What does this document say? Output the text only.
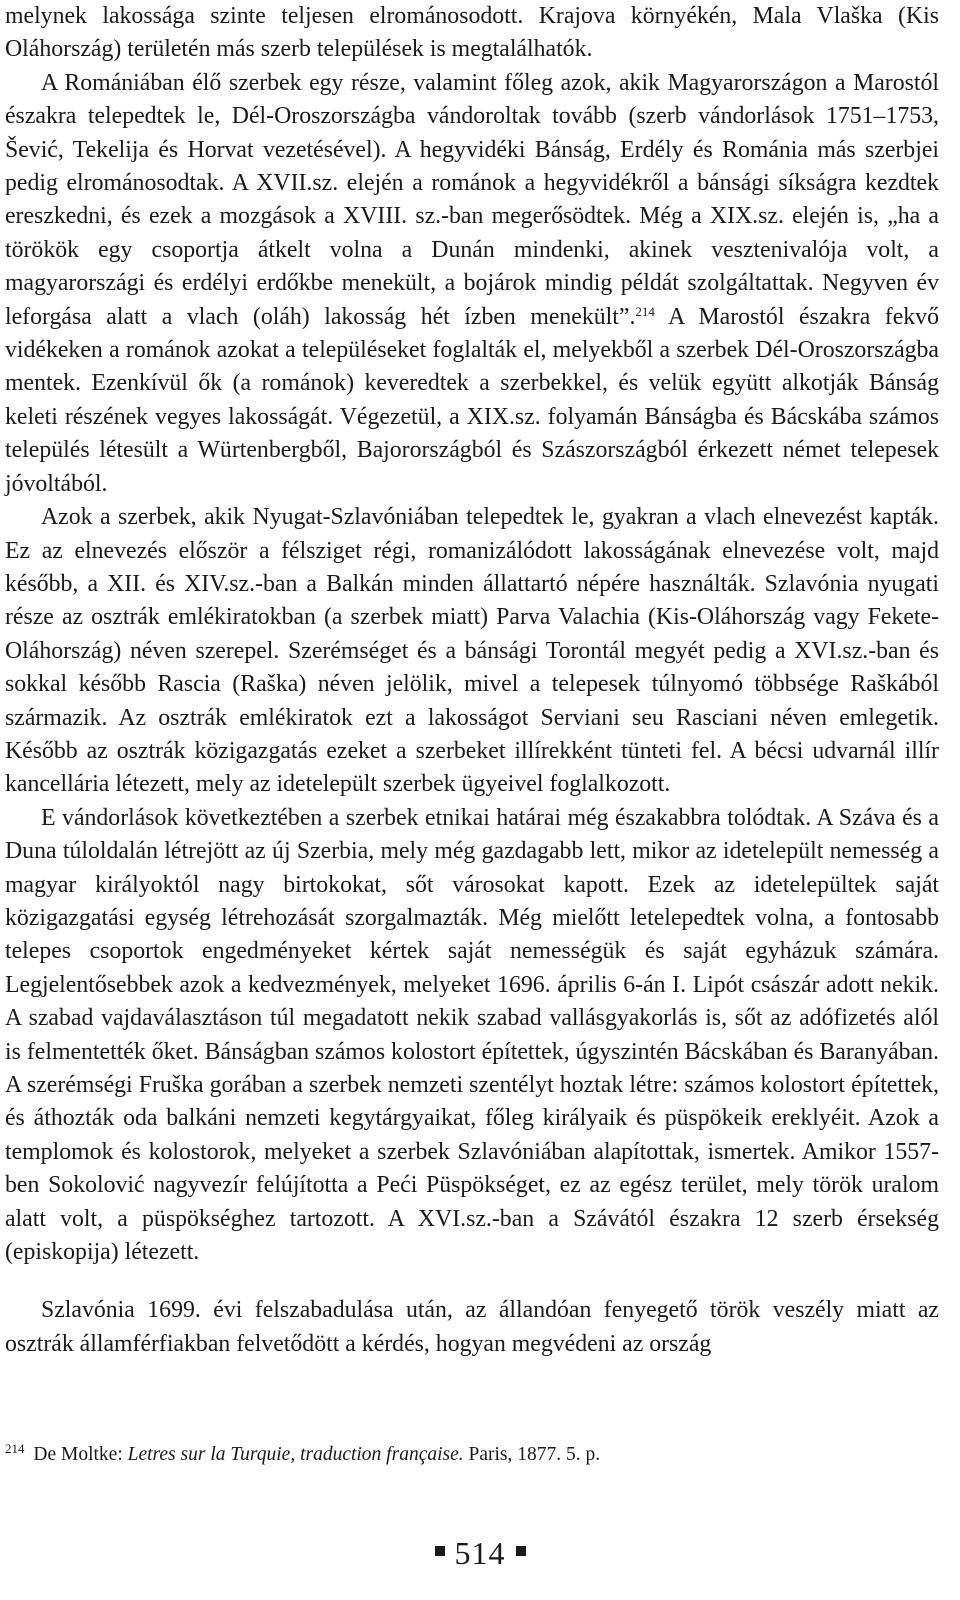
melynek lakossága szinte teljesen elrománosodott. Krajova környékén, Mala Vlaška (Kis Oláhország) területén más szerb települések is megtalálhatók.

A Romániában élő szerbek egy része, valamint főleg azok, akik Magyarországon a Marostól északra telepedtek le, Dél-Oroszországba vándoroltak tovább (szerb vándorlások 1751–1753, Šević, Tekelija és Horvat vezetésével). A hegyvidéki Bánság, Erdély és Románia más szerbjei pedig elrománosodtak. A XVII.sz. elején a románok a hegyvidékről a bánsági síkságra kezdtek ereszkedni, és ezek a mozgások a XVIII. sz.-ban megerősödtek. Még a XIX.sz. elején is, „ha a törökök egy csoportja átkelt volna a Dunán mindenki, akinek vesztenivalója volt, a magyarországi és erdélyi erdőkbe menekült, a bojárok mindig példát szolgáltattak. Negyven év leforgása alatt a vlach (oláh) lakosság hét ízben menekült”.$^{214}$ A Marostól északra fekvő vidékeken a románok azokat a településeket foglalták el, melyekből a szerbek Dél-Oroszországba mentek. Ezenkívül ők (a románok) keveredtek a szerbekkel, és velük együtt alkotják Bánság keleti részének vegyes lakosságát. Végezetül, a XIX.sz. folyamán Bánságba és Bácskába számos település létesült a Würtenbergből, Bajorországból és Szászországból érkezett német telepesek jóvoltából.

Azok a szerbek, akik Nyugat-Szlavóniában telepedtek le, gyakran a vlach elnevezést kapták. Ez az elnevezés először a félsziget régi, romanizálódott lakosságának elnevezése volt, majd később, a XII. és XIV.sz.-ban a Balkán minden állattartó népére használták. Szlavónia nyugati része az osztrák emlékiratokban (a szerbek miatt) Parva Valachia (Kis-Oláhország vagy Fekete-Oláhország) néven szerepel. Szerémséget és a bánsági Torontál megyét pedig a XVI.sz.-ban és sokkal később Rascia (Raška) néven jelölik, mivel a telepesek túlnyomó többsége Raškából származik. Az osztrák emlékiratok ezt a lakosságot Serviani seu Rasciani néven emlegetik. Később az osztrák közigazgatás ezeket a szerbeket illírekként tünteti fel. A bécsi udvarnál illír kancellária létezett, mely az idetelepült szerbek ügyeivel foglalkozott.

E vándorlások következtében a szerbek etnikai határai még északabbra tolódtak. A Száva és a Duna túloldalán létrejött az új Szerbia, mely még gazdagabb lett, mikor az idetelepült nemesség a magyar királyoktól nagy birtokokat, sőt városokat kapott. Ezek az idetelepültek saját közigazgatási egység létrehozását szorgalmazták. Még mielőtt letelepedtek volna, a fontosabb telepes csoportok engedményeket kértek saját nemességük és saját egyházuk számára. Legjelentősebbek azok a kedvezmények, melyeket 1696. április 6-án I. Lipót császár adott nekik. A szabad vajdaválasztáson túl megadatott nekik szabad vallásgyakorlás is, sőt az adófizetés alól is felmentették őket. Bánságban számos kolostort építettek, úgyszintén Bácskában és Baranyában. A szerémségi Fruška gorában a szerbek nemzeti szentélyt hoztak létre: számos kolostort építettek, és áthozták oda balkáni nemzeti kegytárgyaikat, főleg királyaik és püspökeik ereklyéit. Azok a templomok és kolostorok, melyeket a szerbek Szlavóniában alapítottak, ismertek. Amikor 1557-ben Sokolović nagyvezír felújította a Peći Püspökséget, ez az egész terület, mely török uralom alatt volt, a püspökséghez tartozott. A XVI.sz.-ban a Szávától északra 12 szerb érsekség (episkopija) létezett.

Szlavónia 1699. évi felszabadulása után, az állandóan fenyegető török veszély miatt az osztrák államférfiakban felvetődött a kérdés, hogyan megvédeni az ország

$^{214}$ De Moltke: Letres sur la Turquie, traduction française. Paris, 1877. 5. p.
514
